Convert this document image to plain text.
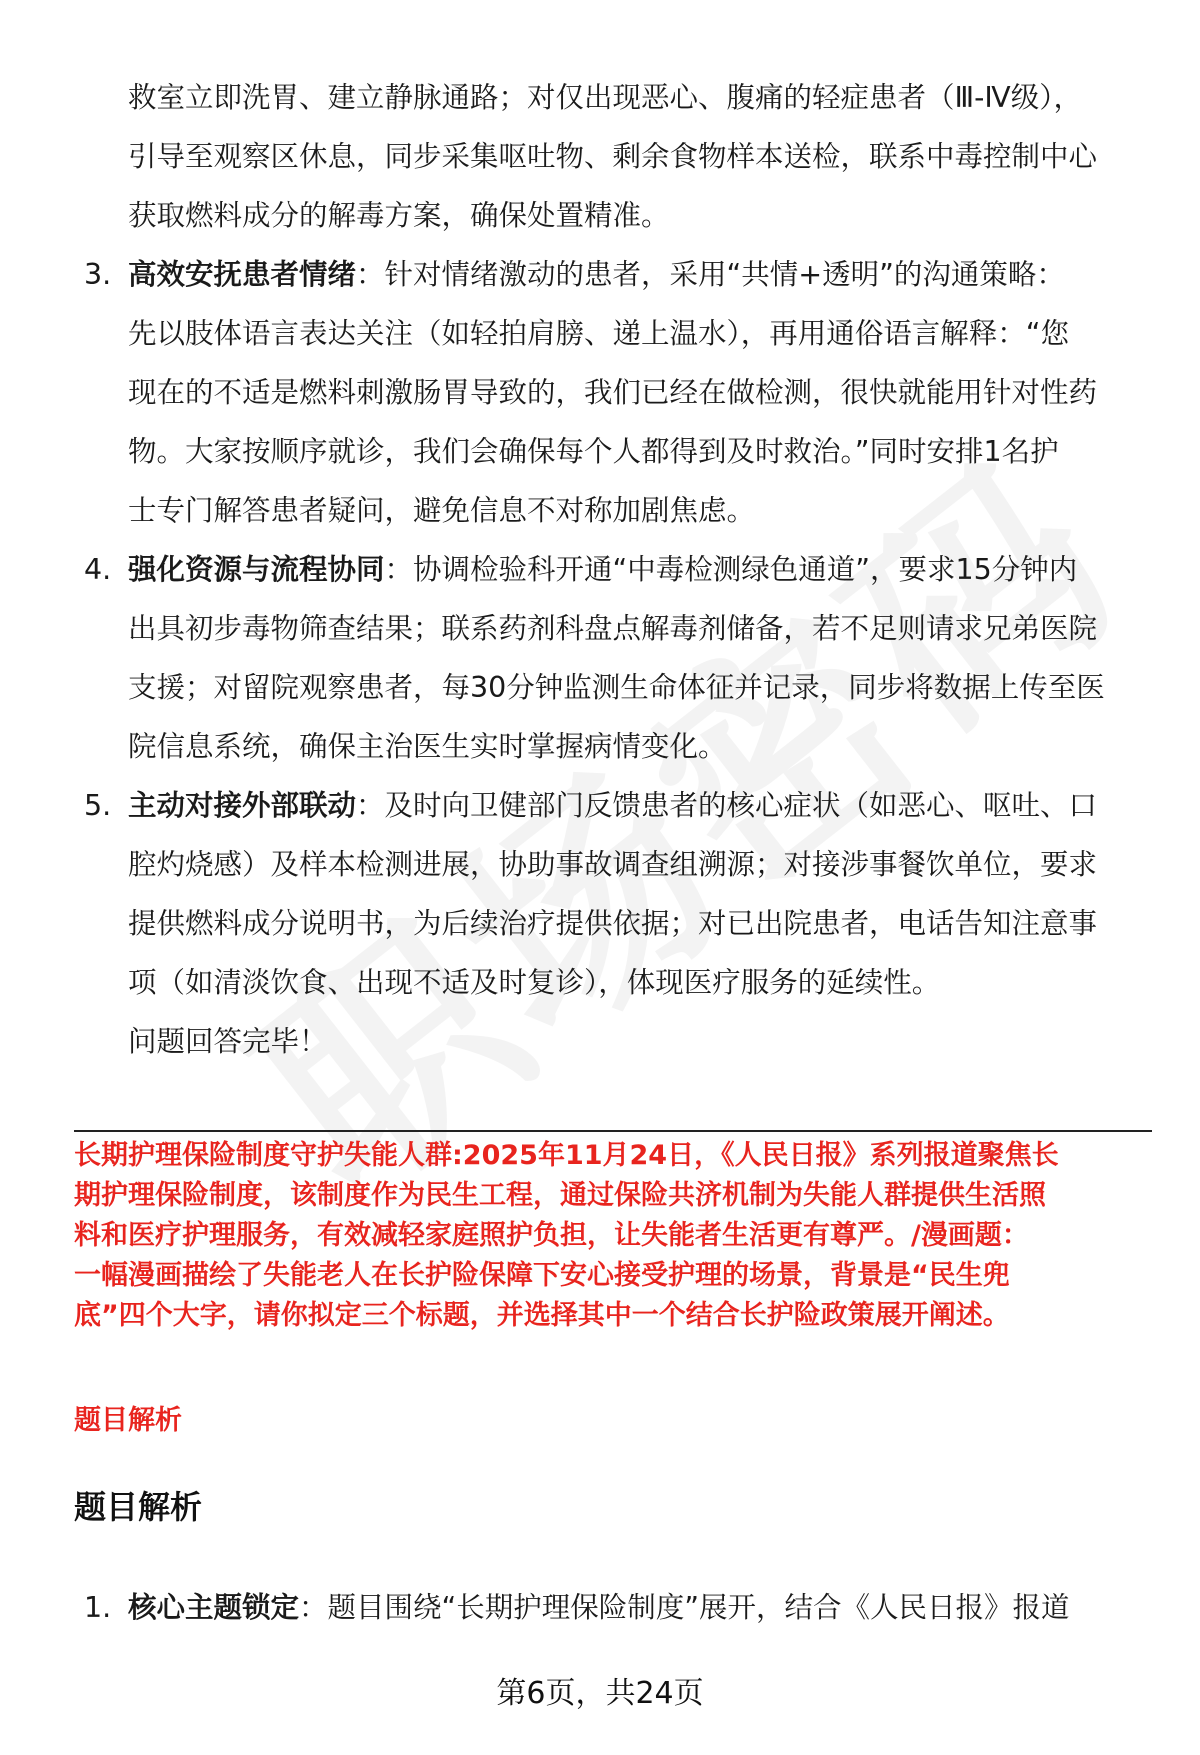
救室立即洗胃、建立静脉通路；对仅出现恶心、腹痛的轻症患者（Ⅲ-Ⅳ级），
引导至观察区休息，同步采集呕吐物、剩余食物样本送检，联系中毒控制中心
获取燃料成分的解毒方案，确保处置精准。
3. 高效安抚患者情绪：针对情绪激动的患者，采用“共情+透明”的沟通策略：
先以肢体语言表达关注（如轻拍肩膀、递上温水），再用通俗语言解释：“您
现在的不适是燃料刺激肠胃导致的，我们已经在做检测，很快就能用针对性药
物。大家按顺序就诊，我们会确保每个人都得到及时救治。”同时安排1名护
士专门解答患者疑问，避免信息不对称加剧焦虑。
4. 强化资源与流程协同：协调检验科开通“中毒检测绿色通道”，要求15分钟内
出具初步毒物筛查结果；联系药剂科盘点解毒剂储备，若不足则请求兄弟医院
支援；对留院观察患者，每30分钟监测生命体征并记录，同步将数据上传至医
院信息系统，确保主治医生实时掌握病情变化。
5. 主动对接外部联动：及时向卫健部门反馈患者的核心症状（如恶心、呕吐、口
腔灼烧感）及样本检测进展，协助事故调查组溯源；对接涉事餐饮单位，要求
提供燃料成分说明书，为后续治疗提供依据；对已出院患者，电话告知注意事
项（如清淡饮食、出现不适及时复诊），体现医疗服务的延续性。
问题回答完毕！
长期护理保险制度守护失能人群:2025年11月24日，《人民日报》系列报道聚焦长
期护理保险制度，该制度作为民生工程，通过保险共济机制为失能人群提供生活照
料和医疗护理服务，有效减轻家庭照护负担，让失能者生活更有尊严。/漫画题：
一幅漫画描绘了失能老人在长护险保障下安心接受护理的场景，背景是“民生兜
底”四个大字，请你拟定三个标题，并选择其中一个结合长护险政策展开阐述。
题目解析
题目解析
1. 核心主题锁定：题目围绕“长期护理保险制度”展开，结合《人民日报》报道
第6页，共24页
